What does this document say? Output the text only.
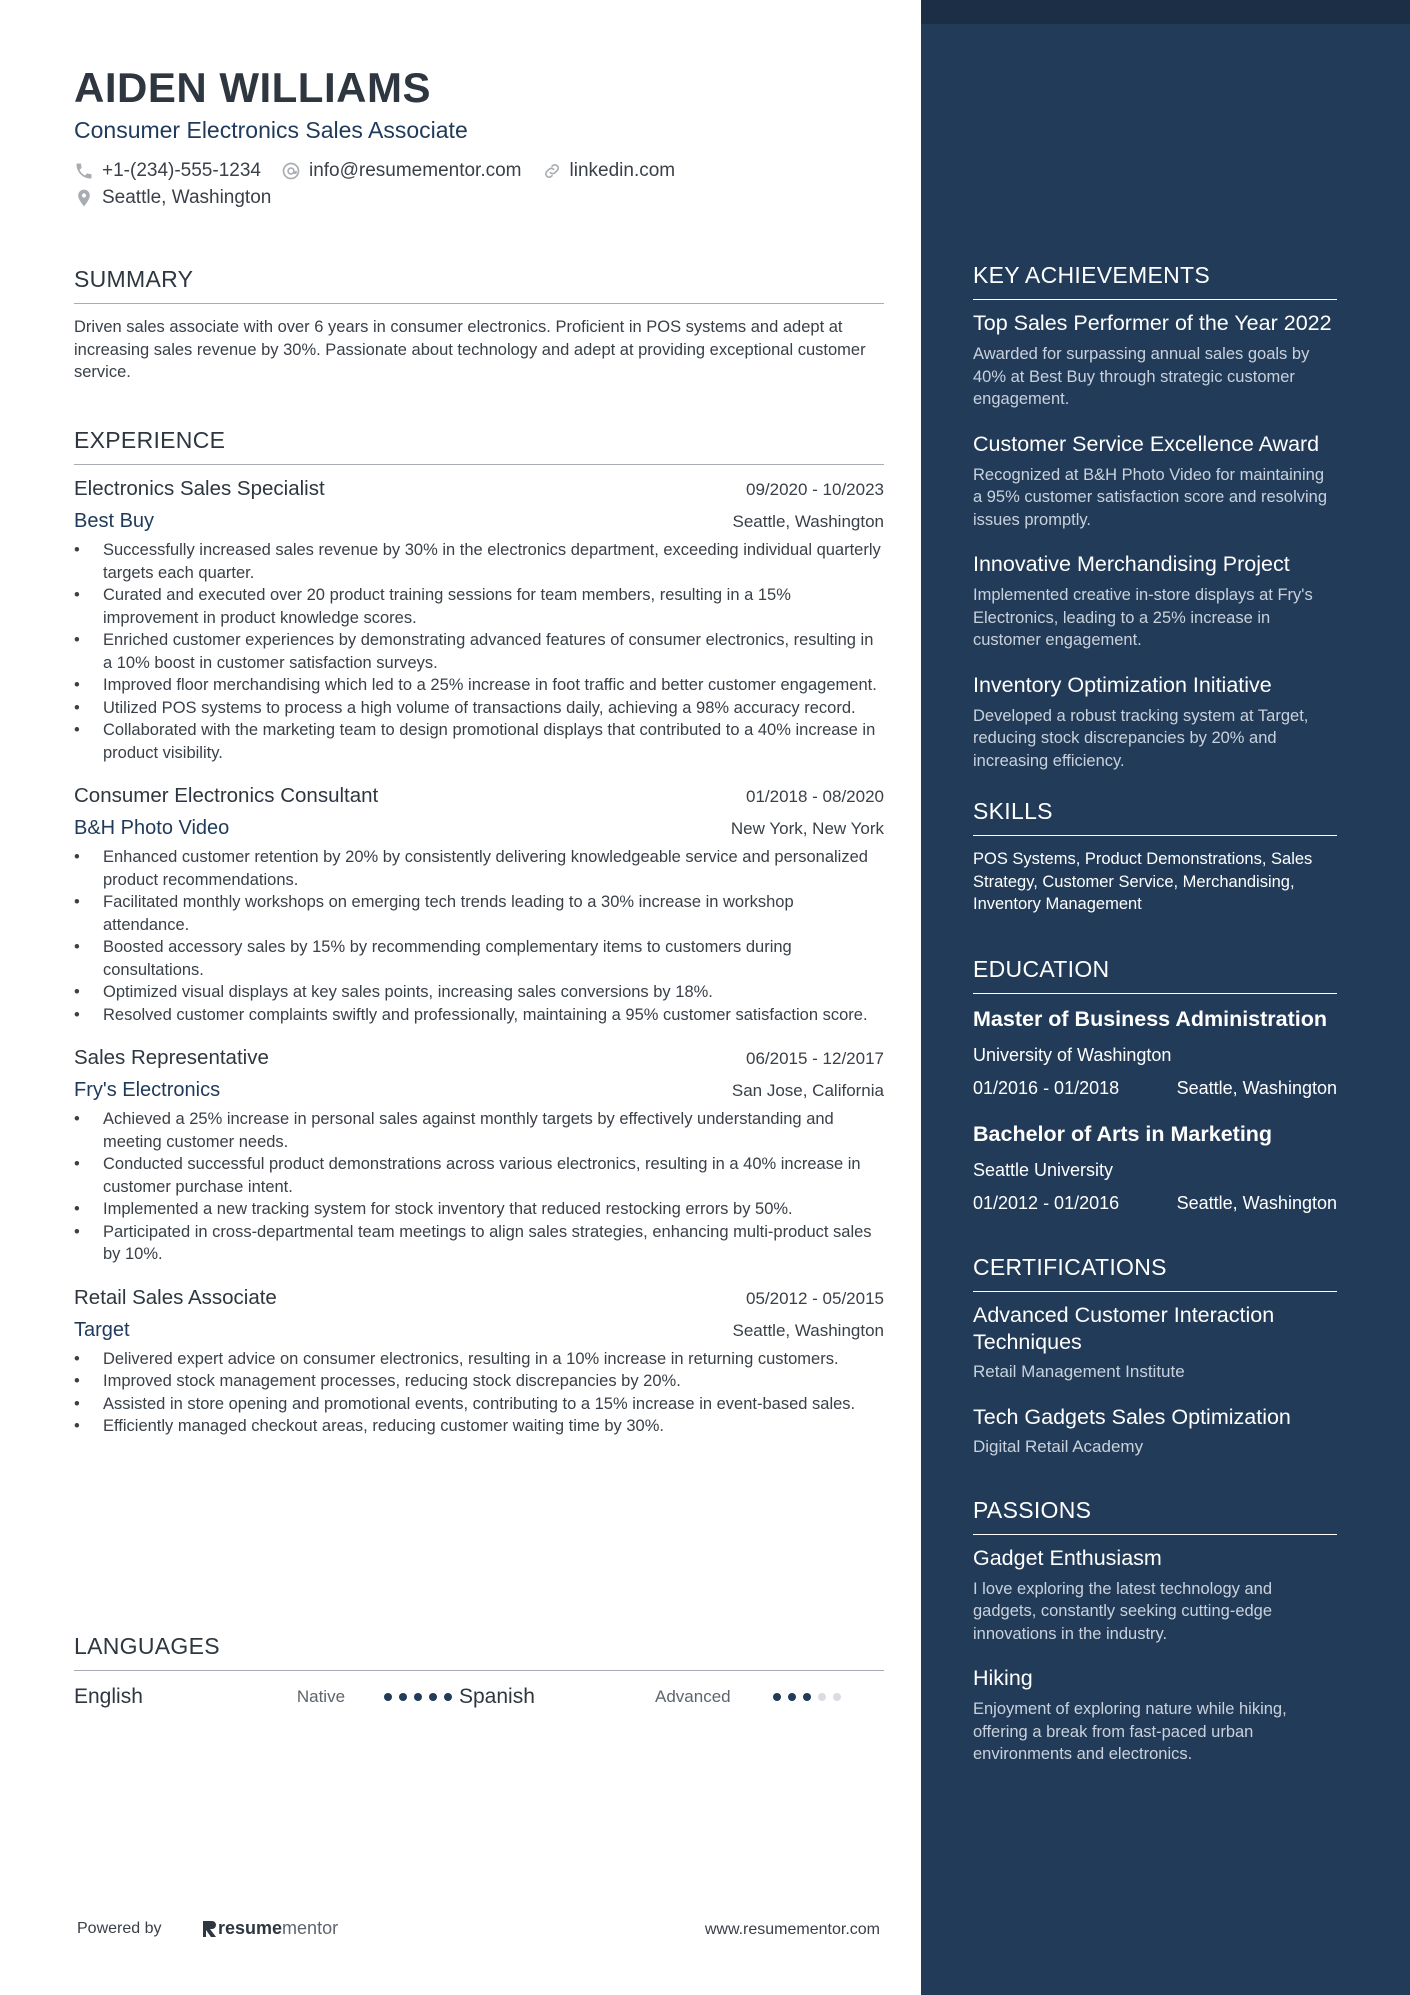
AIDEN WILLIAMS
Consumer Electronics Sales Associate
+1-(234)-555-1234	info@resumementor.com	linkedin.com
Seattle, Washington
SUMMARY
Driven sales associate with over 6 years in consumer electronics. Proficient in POS systems and adept at increasing sales revenue by 30%. Passionate about technology and adept at providing exceptional customer service.
EXPERIENCE
Electronics Sales Specialist	09/2020 - 10/2023
Best Buy	Seattle, Washington
• Successfully increased sales revenue by 30% in the electronics department, exceeding individual quarterly targets each quarter.
• Curated and executed over 20 product training sessions for team members, resulting in a 15% improvement in product knowledge scores.
• Enriched customer experiences by demonstrating advanced features of consumer electronics, resulting in a 10% boost in customer satisfaction surveys.
• Improved floor merchandising which led to a 25% increase in foot traffic and better customer engagement.
• Utilized POS systems to process a high volume of transactions daily, achieving a 98% accuracy record.
• Collaborated with the marketing team to design promotional displays that contributed to a 40% increase in product visibility.
Consumer Electronics Consultant	01/2018 - 08/2020
B&H Photo Video	New York, New York
• Enhanced customer retention by 20% by consistently delivering knowledgeable service and personalized product recommendations.
• Facilitated monthly workshops on emerging tech trends leading to a 30% increase in workshop attendance.
• Boosted accessory sales by 15% by recommending complementary items to customers during consultations.
• Optimized visual displays at key sales points, increasing sales conversions by 18%.
• Resolved customer complaints swiftly and professionally, maintaining a 95% customer satisfaction score.
Sales Representative	06/2015 - 12/2017
Fry's Electronics	San Jose, California
• Achieved a 25% increase in personal sales against monthly targets by effectively understanding and meeting customer needs.
• Conducted successful product demonstrations across various electronics, resulting in a 40% increase in customer purchase intent.
• Implemented a new tracking system for stock inventory that reduced restocking errors by 50%.
• Participated in cross-departmental team meetings to align sales strategies, enhancing multi-product sales by 10%.
Retail Sales Associate	05/2012 - 05/2015
Target	Seattle, Washington
• Delivered expert advice on consumer electronics, resulting in a 10% increase in returning customers.
• Improved stock management processes, reducing stock discrepancies by 20%.
• Assisted in store opening and promotional events, contributing to a 15% increase in event-based sales.
• Efficiently managed checkout areas, reducing customer waiting time by 30%.
LANGUAGES
English	Native	Spanish	Advanced
Powered by	resume mentor	www.resumementor.com
KEY ACHIEVEMENTS
Top Sales Performer of the Year 2022
Awarded for surpassing annual sales goals by 40% at Best Buy through strategic customer engagement.
Customer Service Excellence Award
Recognized at B&H Photo Video for maintaining a 95% customer satisfaction score and resolving issues promptly.
Innovative Merchandising Project
Implemented creative in-store displays at Fry's Electronics, leading to a 25% increase in customer engagement.
Inventory Optimization Initiative
Developed a robust tracking system at Target, reducing stock discrepancies by 20% and increasing efficiency.
SKILLS
POS Systems, Product Demonstrations, Sales Strategy, Customer Service, Merchandising, Inventory Management
EDUCATION
Master of Business Administration
University of Washington
01/2016 - 01/2018	Seattle, Washington
Bachelor of Arts in Marketing
Seattle University
01/2012 - 01/2016	Seattle, Washington
CERTIFICATIONS
Advanced Customer Interaction Techniques
Retail Management Institute
Tech Gadgets Sales Optimization
Digital Retail Academy
PASSIONS
Gadget Enthusiasm
I love exploring the latest technology and gadgets, constantly seeking cutting-edge innovations in the industry.
Hiking
Enjoyment of exploring nature while hiking, offering a break from fast-paced urban environments and electronics.
